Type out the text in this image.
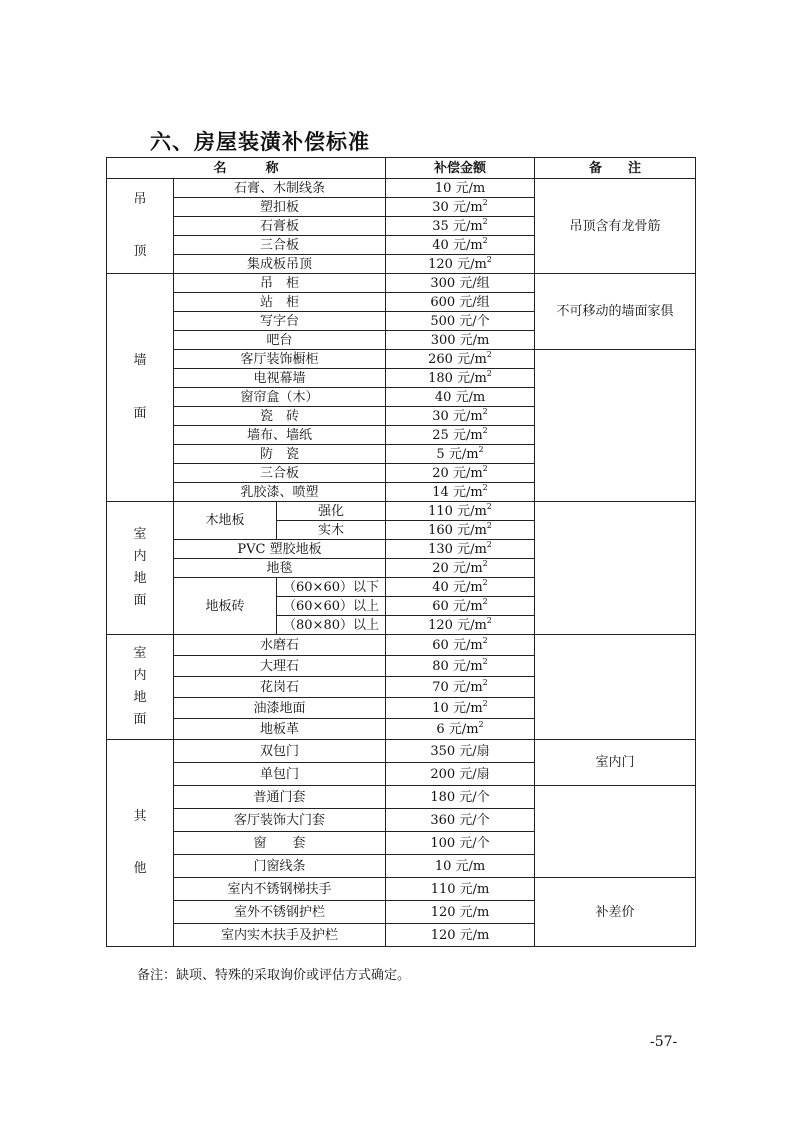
六、房屋装潢补偿标准
名　　　称			补偿金额	备　　注

吊
顶	石膏、木制线条		10 元/m	吊顶含有龙骨筋
	塑扣板		30 元$/m^2$
	石膏板		35 元$/m^2$
	三合板		40 元$/m^2$
	集成板吊顶		120 元$/m^2$

墙
面	吊　柜		300 元/组	不可移动的墙面家俱
	站　柜		600 元/组	
	写字台		500 元/个	
	吧台		300 元/m	
	客厅装饰橱柜		260 元$/m^2$	
	电视幕墙		180 元$/m^2$
	窗帘盒（木）		40 元/m	
	瓷　砖		30 元$/m^2$
	墙布、墙纸		25 元$/m^2$
	防　瓷		5 元$/m^2$
	三合板		20 元$/m^2$
	乳胶漆、喷塑		14 元$/m^2$

室
内
地
面	木地板	强化	110 元$/m^2$	
		实木	160 元$/m^2$
	PVC 塑胶地板		130 元$/m^2$
	地毯		20 元$/m^2$
	地板砖	（60×60）以下	40 元$/m^2$
		（60×60）以上	60 元$/m^2$
		（80×80）以上	120 元$/m^2$

室
内
地
面	水磨石		60 元$/m^2$	
	大理石		80 元$/m^2$
	花岗石		70 元$/m^2$
	油漆地面		10 元$/m^2$
	地板革		6 元$/m^2$

其
他	双包门		350 元/扇	室内门
	单包门		200 元/扇	
	普通门套		180 元/个	
	客厅装饰大门套		360 元/个	
	窗　　套		100 元/个	
	门窗线条		10 元/m	
	室内不锈钢梯扶手		110 元/m	补差价
	室外不锈钢护栏		120 元/m	
	室内实木扶手及护栏		120 元/m	
备注：缺项、特殊的采取询价或评估方式确定。
-57-
